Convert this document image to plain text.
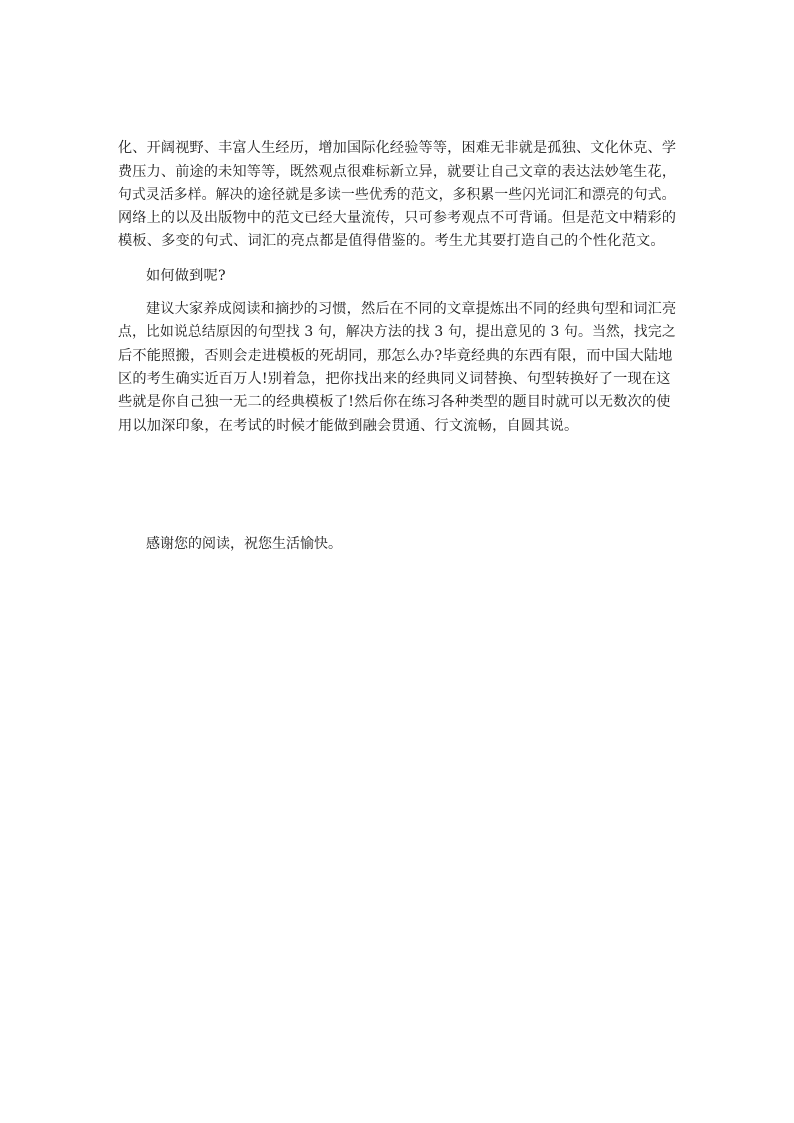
化、开阔视野、丰富人生经历，增加国际化经验等等，困难无非就是孤独、文化休克、学
费压力、前途的未知等等，既然观点很难标新立异，就要让自己文章的表达法妙笔生花，
句式灵活多样。解决的途径就是多读一些优秀的范文，多积累一些闪光词汇和漂亮的句式。
网络上的以及出版物中的范文已经大量流传，只可参考观点不可背诵。但是范文中精彩的
模板、多变的句式、词汇的亮点都是值得借鉴的。考生尤其要打造自己的个性化范文。
如何做到呢?
建议大家养成阅读和摘抄的习惯，然后在不同的文章提炼出不同的经典句型和词汇亮
点，比如说总结原因的句型找 3 句，解决方法的找 3 句，提出意见的 3 句。当然，找完之
后不能照搬，否则会走进模板的死胡同，那怎么办?毕竟经典的东西有限，而中国大陆地
区的考生确实近百万人!别着急，把你找出来的经典同义词替换、句型转换好了一现在这
些就是你自己独一无二的经典模板了!然后你在练习各种类型的题目时就可以无数次的使
用以加深印象，在考试的时候才能做到融会贯通、行文流畅，自圆其说。
感谢您的阅读，祝您生活愉快。
